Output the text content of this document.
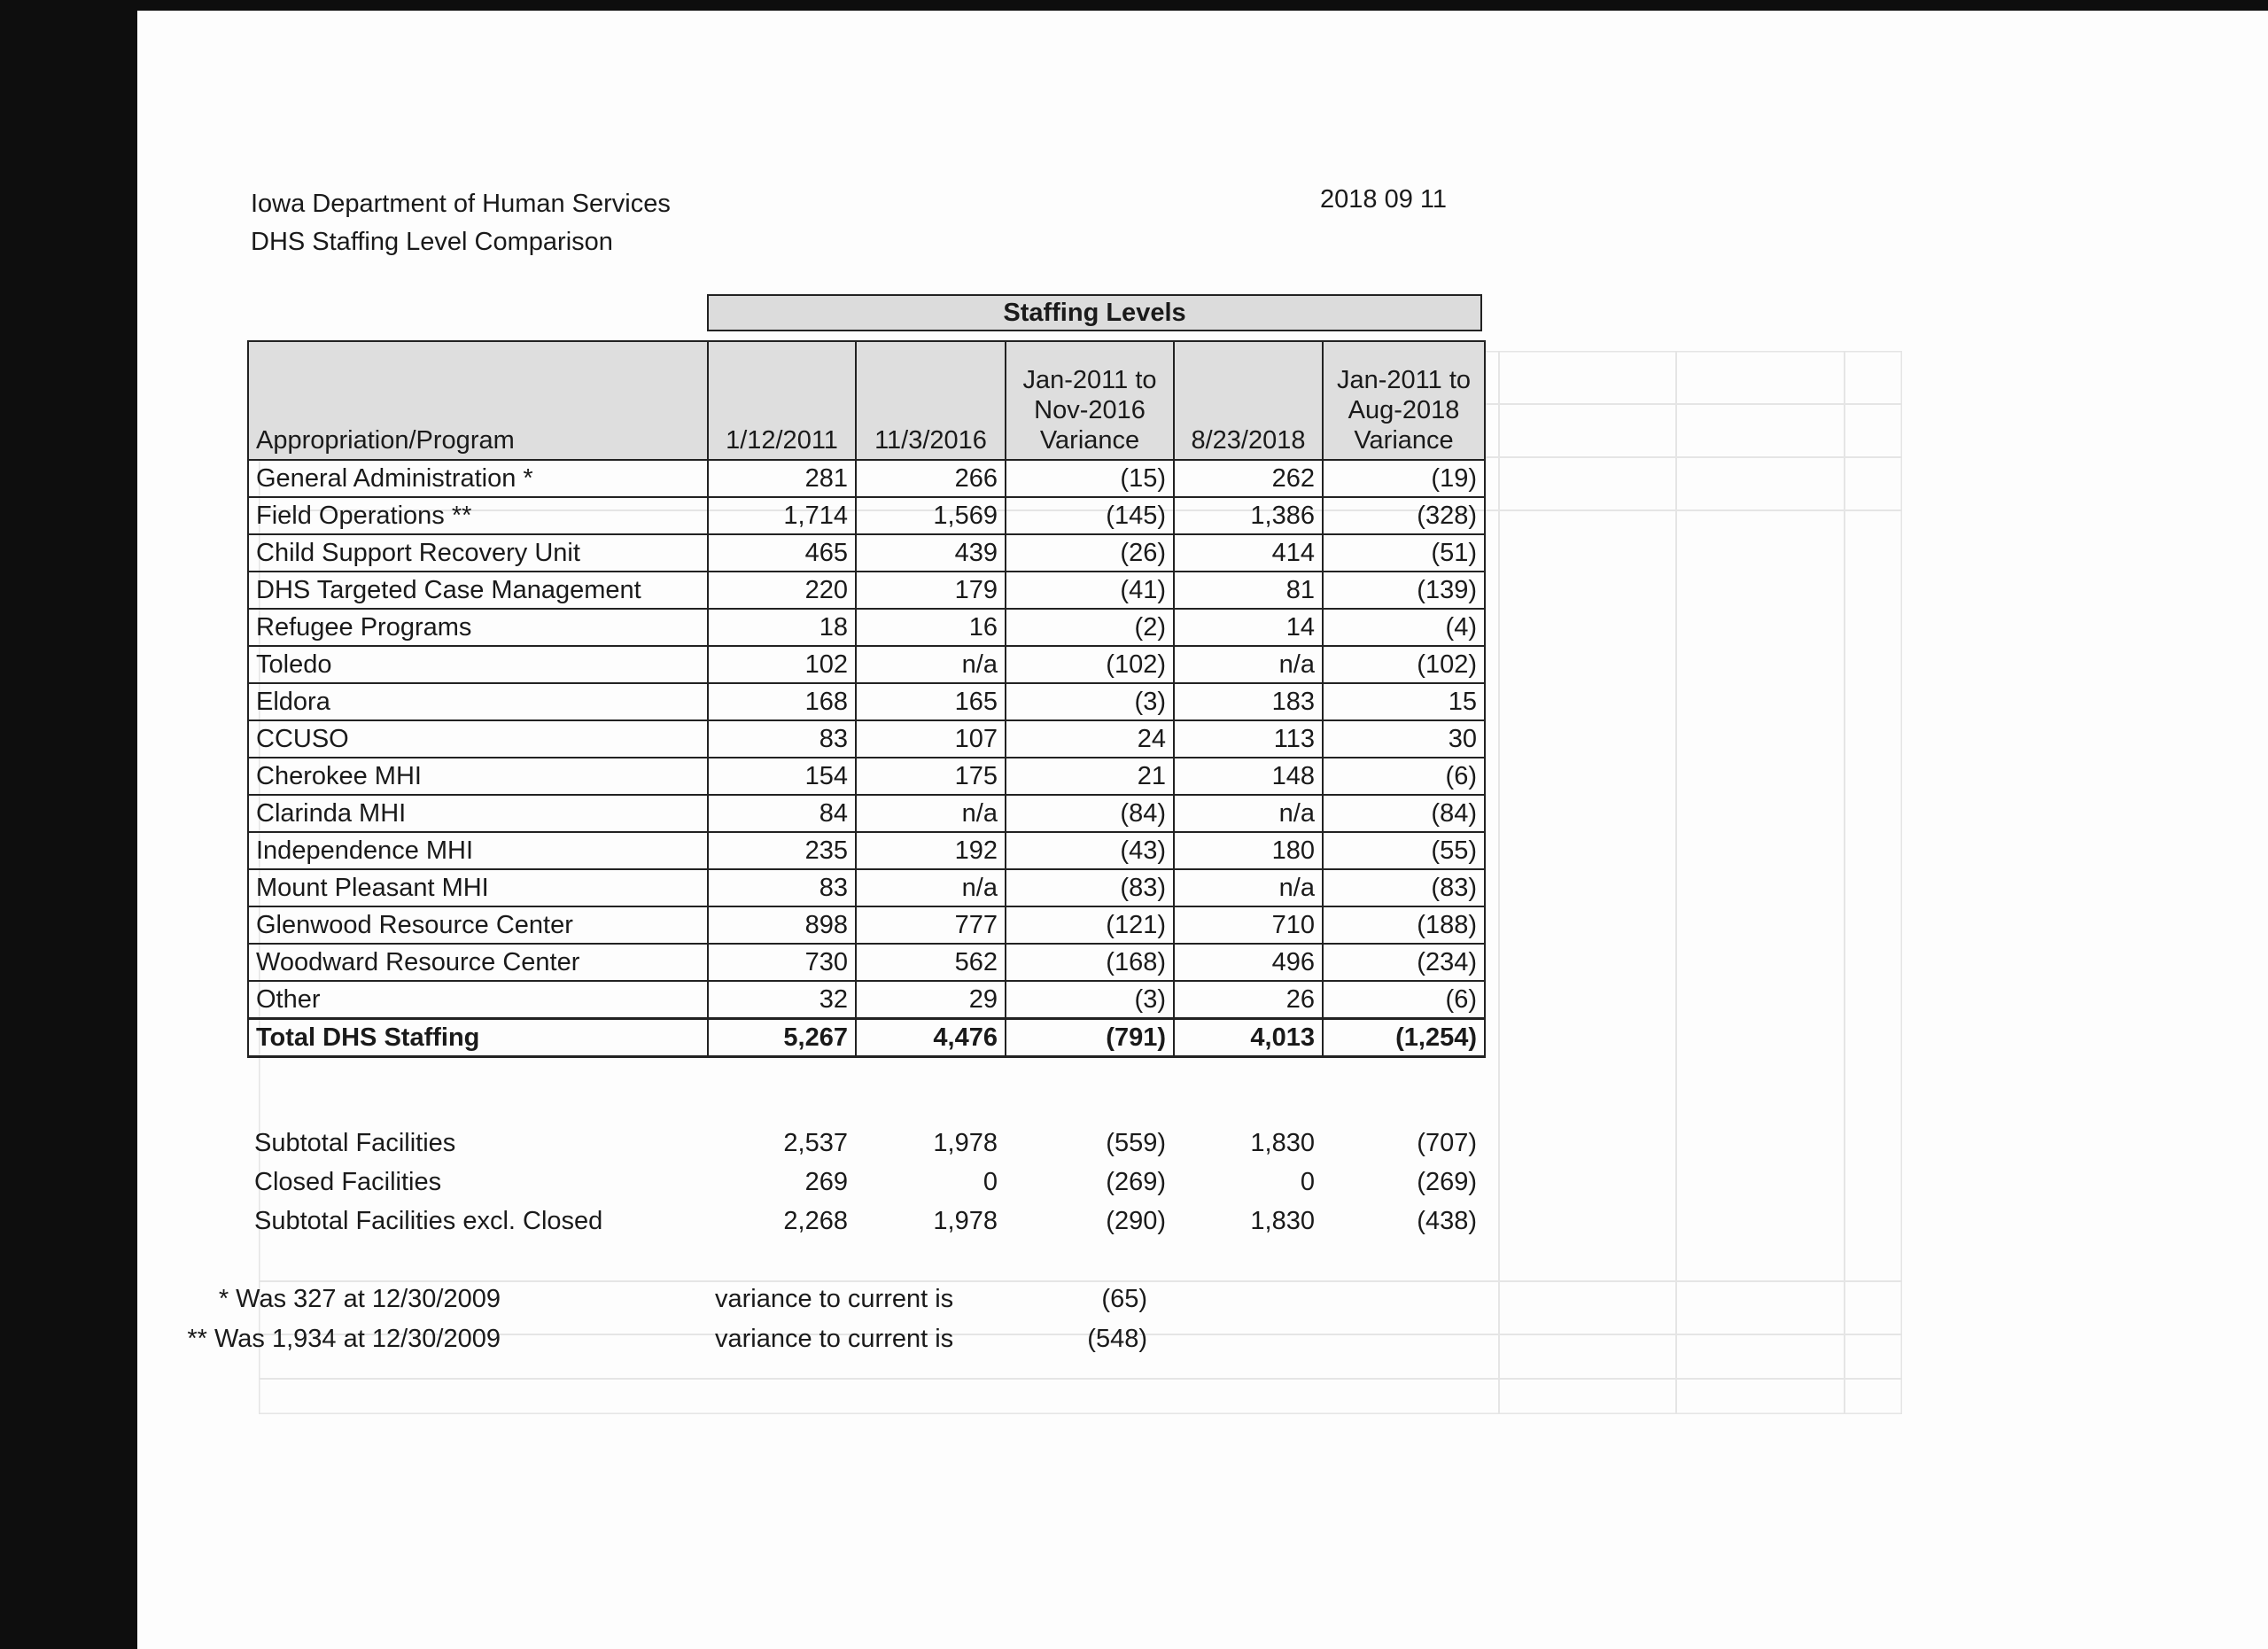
Iowa Department of Human Services
DHS Staffing Level Comparison
2018 09 11
Staffing Levels
Appropriation/Program	1/12/2011	11/3/2016	Jan-2011 to
Nov-2016
Variance	8/23/2018	Jan-2011 to
Aug-2018
Variance
General Administration *	281	266	(15)	262	(19)
Field Operations **	1,714	1,569	(145)	1,386	(328)
Child Support Recovery Unit	465	439	(26)	414	(51)
DHS Targeted Case Management	220	179	(41)	81	(139)
Refugee Programs	18	16	(2)	14	(4)
Toledo	102	n/a	(102)	n/a	(102)
Eldora	168	165	(3)	183	15
CCUSO	83	107	24	113	30
Cherokee MHI	154	175	21	148	(6)
Clarinda MHI	84	n/a	(84)	n/a	(84)
Independence MHI	235	192	(43)	180	(55)
Mount Pleasant MHI	83	n/a	(83)	n/a	(83)
Glenwood Resource Center	898	777	(121)	710	(188)
Woodward Resource Center	730	562	(168)	496	(234)
Other	32	29	(3)	26	(6)
Total DHS Staffing	5,267	4,476	(791)	4,013	(1,254)
Subtotal Facilities	2,537	1,978	(559)	1,830	(707)
Closed Facilities	269	0	(269)	0	(269)
Subtotal Facilities excl. Closed	2,268	1,978	(290)	1,830	(438)
* Was 327 at 12/30/2009	variance to current is	(65)
** Was 1,934 at 12/30/2009	variance to current is	(548)
